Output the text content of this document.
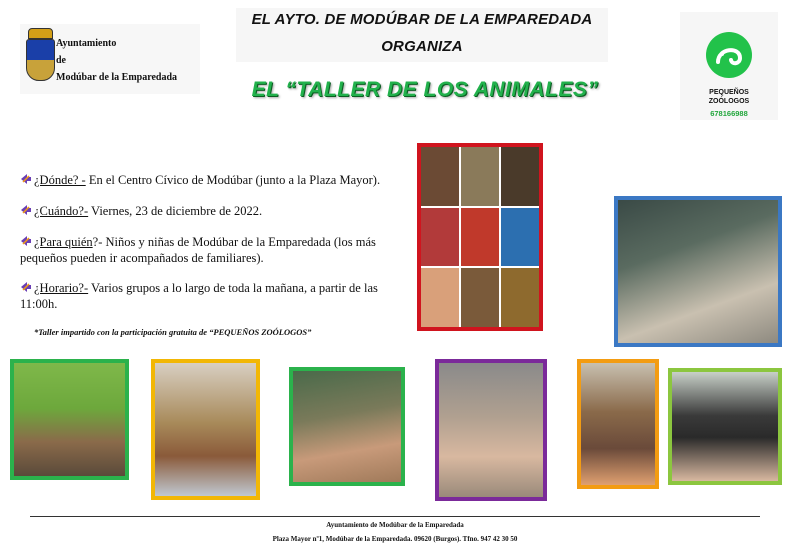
EL AYTO. DE MODÚBAR DE LA EMPAREDADA
ORGANIZA
EL “TALLER DE LOS ANIMALES”
Ayuntamiento
de
Modúbar de la Emparedada
PEQUEÑOS
ZOÓLOGOS
678166988
¿Dónde? - En el Centro Cívico de Modúbar (junto a la Plaza Mayor).
¿Cuándo?- Viernes, 23 de diciembre de 2022.
¿Para quién?- Niños y niñas de Modúbar de la Emparedada (los más pequeños pueden ir acompañados de familiares).
¿Horario?- Varios grupos a lo largo de toda la mañana, a partir de las 11:00h.
*Taller impartido con la participación gratuita de “PEQUEÑOS ZOÓLOGOS”
Ayuntamiento de Modúbar de la Emparedada
Plaza Mayor nº1, Modúbar de la Emparedada. 09620 (Burgos). Tfno. 947 42 30 50
